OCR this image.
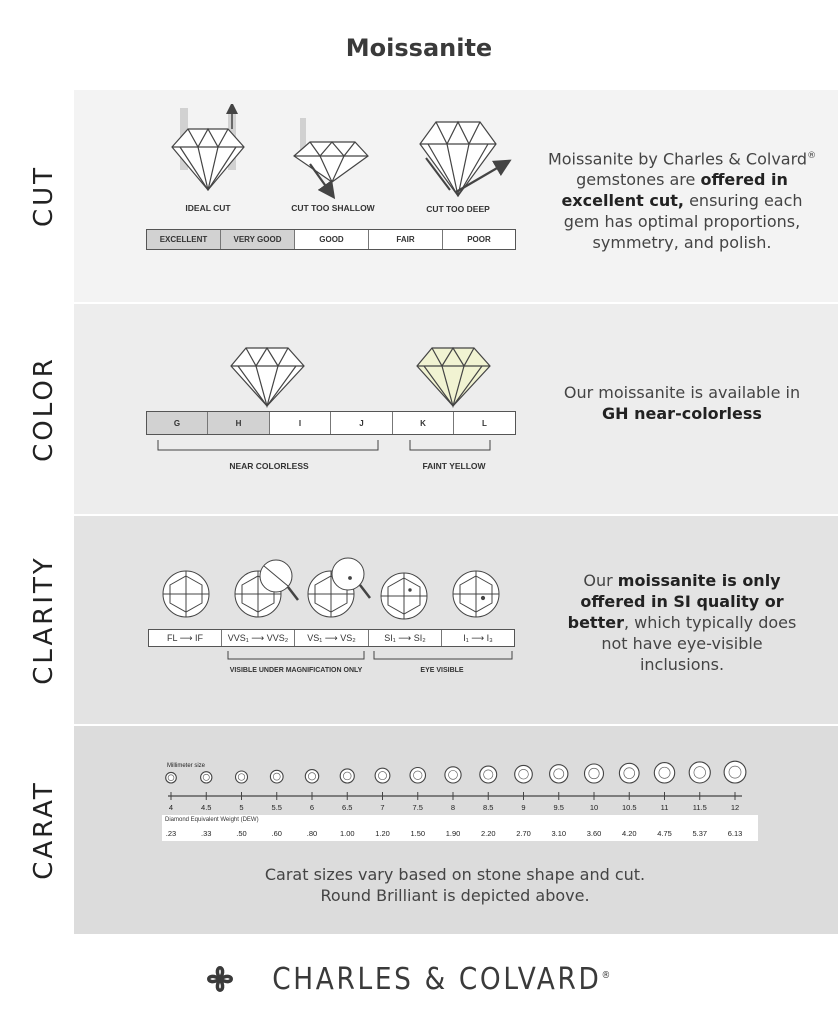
Moissanite
CUT
COLOR
CLARITY
CARAT
IDEAL CUT	CUT TOO SHALLOW	CUT TOO DEEP
EXCELLENT	VERY GOOD	GOOD	FAIR	POOR
Moissanite by Charles & Colvard® gemstones are offered in excellent cut, ensuring each gem has optimal proportions, symmetry, and polish.
G	H	I	J	K	L
NEAR COLORLESS	FAINT YELLOW
Our moissanite is available in GH near-colorless
FL ⟶ IF	VVS₁ ⟶ VVS₂	VS₁ ⟶ VS₂	SI₁ ⟶ SI₂	I₁ ⟶ I₃
VISIBLE UNDER MAGNIFICATION ONLY	EYE VISIBLE
Our moissanite is only offered in SI quality or better, which typically does not have eye-visible inclusions.
Millimeter size
4	4.5	5	5.5	6	6.5	7	7.5	8	8.5	9	9.5	10	10.5	11	11.5	12
Diamond Equivalent Weight (DEW)
.23	.33	.50	.60	.80	1.00	1.20	1.50	1.90	2.20	2.70	3.10	3.60	4.20	4.75	5.37	6.13
Carat sizes vary based on stone shape and cut.
Round Brilliant is depicted above.
CHARLES & COLVARD®
